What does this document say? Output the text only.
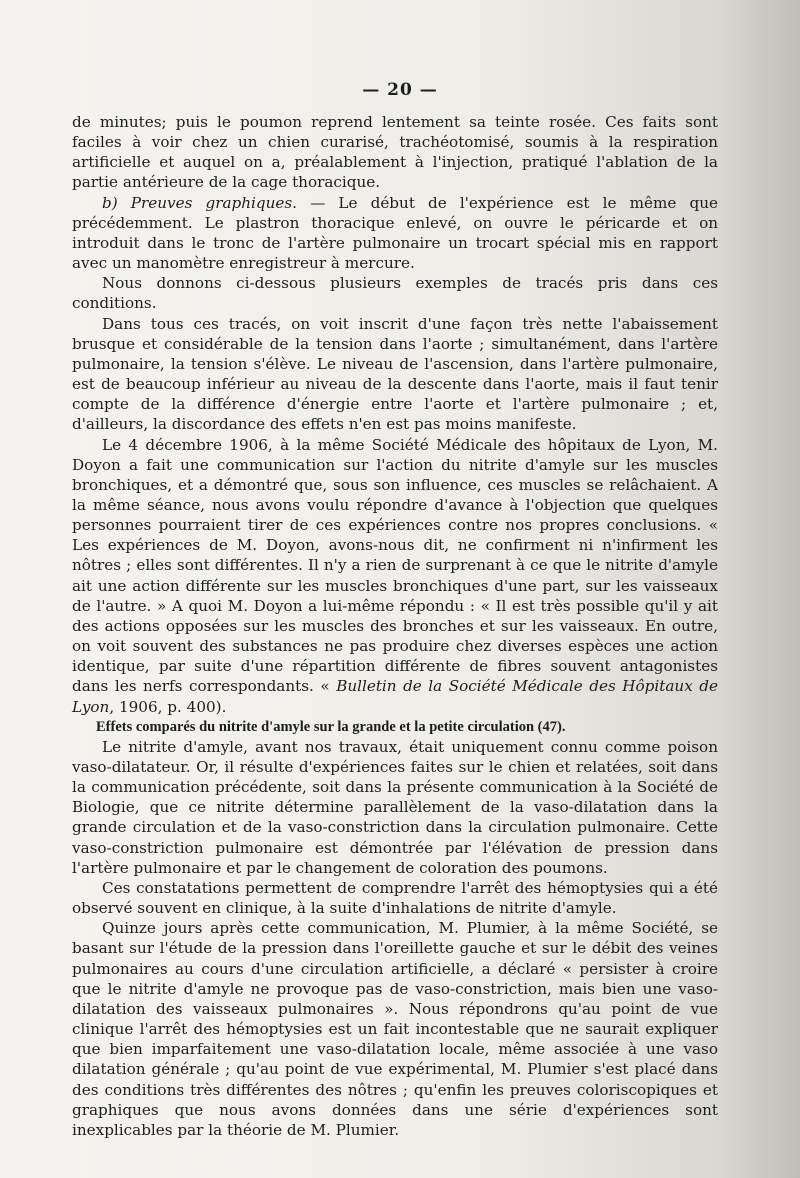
— 20 —

de minutes; puis le poumon reprend lentement sa teinte rosée. Ces faits sont faciles à voir chez un chien curarisé, trachéotomisé, soumis à la respiration artificielle et auquel on a, préalablement à l'injection, pratiqué l'ablation de la partie antérieure de la cage thoracique.

b) Preuves graphiques. — Le début de l'expérience est le même que précédemment. Le plastron thoracique enlevé, on ouvre le péricarde et on introduit dans le tronc de l'artère pulmonaire un trocart spécial mis en rapport avec un manomètre enregistreur à mercure.

Nous donnons ci-dessous plusieurs exemples de tracés pris dans ces conditions.

Dans tous ces tracés, on voit inscrit d'une façon très nette l'abaissement brusque et considérable de la tension dans l'aorte ; simultanément, dans l'artère pulmonaire, la tension s'élève. Le niveau de l'ascension, dans l'artère pulmonaire, est de beaucoup inférieur au niveau de la descente dans l'aorte, mais il faut tenir compte de la différence d'énergie entre l'aorte et l'artère pulmonaire ; et, d'ailleurs, la discordance des effets n'en est pas moins manifeste.

Le 4 décembre 1906, à la même Société Médicale des hôpitaux de Lyon, M. Doyon a fait une communication sur l'action du nitrite d'amyle sur les muscles bronchiques, et a démontré que, sous son influence, ces muscles se relâchaient. A la même séance, nous avons voulu répondre d'avance à l'objection que quelques personnes pourraient tirer de ces expériences contre nos propres conclusions. « Les expériences de M. Doyon, avons-nous dit, ne confirment ni n'infirment les nôtres ; elles sont différentes. Il n'y a rien de surprenant à ce que le nitrite d'amyle ait une action différente sur les muscles bronchiques d'une part, sur les vaisseaux de l'autre. » A quoi M. Doyon a lui-même répondu : « Il est très possible qu'il y ait des actions opposées sur les muscles des bronches et sur les vaisseaux. En outre, on voit souvent des substances ne pas produire chez diverses espèces une action identique, par suite d'une répartition différente de fibres souvent antagonistes dans les nerfs correspondants. « Bulletin de la Société Médicale des Hôpitaux de Lyon, 1906, p. 400).

Effets comparés du nitrite d'amyle sur la grande et la petite circulation (47).

Le nitrite d'amyle, avant nos travaux, était uniquement connu comme poison vaso-dilatateur. Or, il résulte d'expériences faites sur le chien et relatées, soit dans la communication précédente, soit dans la présente communication à la Société de Biologie, que ce nitrite détermine parallèlement de la vaso-dilatation dans la grande circulation et de la vaso-constriction dans la circulation pulmonaire. Cette vaso-constriction pulmonaire est démontrée par l'élévation de pression dans l'artère pulmonaire et par le changement de coloration des poumons.

Ces constatations permettent de comprendre l'arrêt des hémoptysies qui a été observé souvent en clinique, à la suite d'inhalations de nitrite d'amyle.

Quinze jours après cette communication, M. Plumier, à la même Société, se basant sur l'étude de la pression dans l'oreillette gauche et sur le débit des veines pulmonaires au cours d'une circulation artificielle, a déclaré « persister à croire que le nitrite d'amyle ne provoque pas de vaso-constriction, mais bien une vaso-dilatation des vaisseaux pulmonaires ». Nous répondrons qu'au point de vue clinique l'arrêt des hémoptysies est un fait incontestable que ne saurait expliquer que bien imparfaitement une vaso-dilatation locale, même associée à une vaso dilatation générale ; qu'au point de vue expérimental, M. Plumier s'est placé dans des conditions très différentes des nôtres ; qu'enfin les preuves coloriscopiques et graphiques que nous avons données dans une série d'expériences sont inexplicables par la théorie de M. Plumier.
